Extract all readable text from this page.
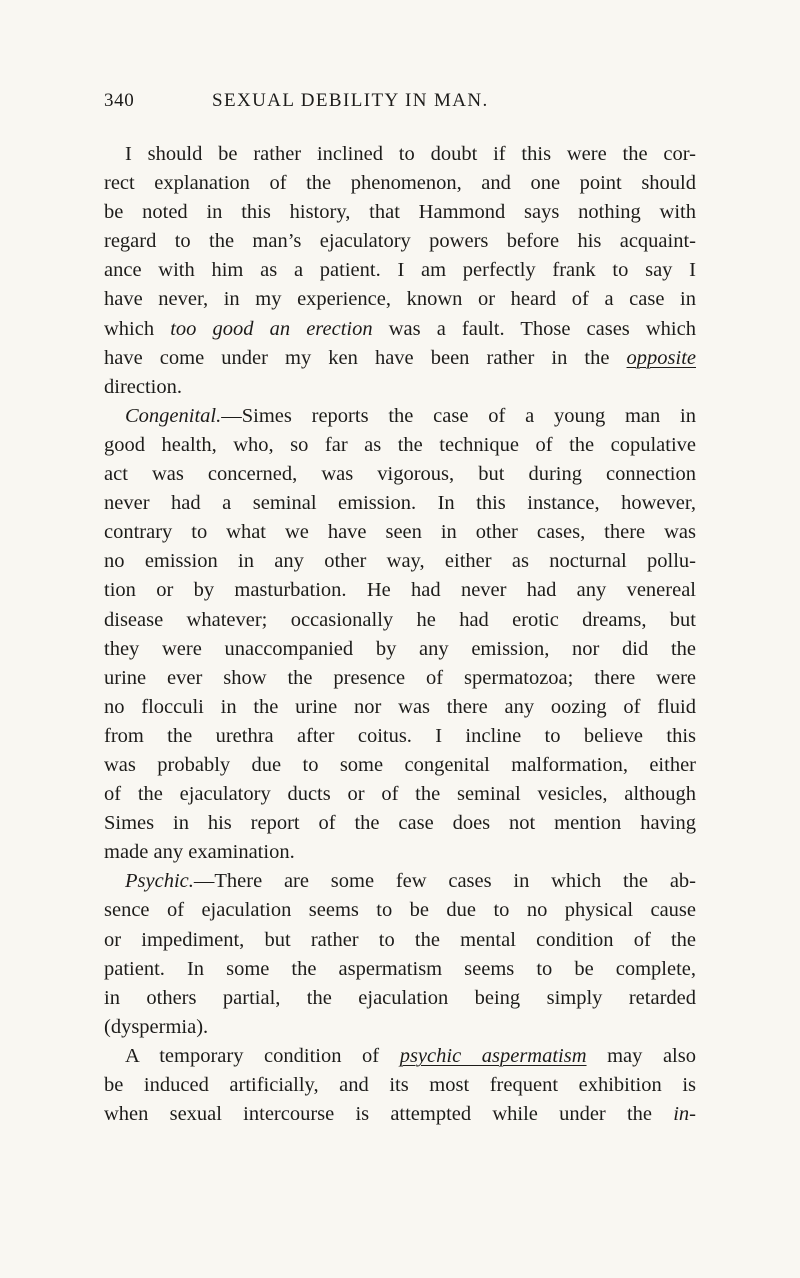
340	SEXUAL DEBILITY IN MAN.
I should be rather inclined to doubt if this were the cor-
rect explanation of the phenomenon, and one point should
be noted in this history, that Hammond says nothing with
regard to the man’s ejaculatory powers before his acquaint-
ance with him as a patient. I am perfectly frank to say I
have never, in my experience, known or heard of a case in
which too good an erection was a fault. Those cases which
have come under my ken have been rather in the opposite
direction.
Congenital.—Simes reports the case of a young man in
good health, who, so far as the technique of the copulative
act was concerned, was vigorous, but during connection
never had a seminal emission. In this instance, however,
contrary to what we have seen in other cases, there was
no emission in any other way, either as nocturnal pollu-
tion or by masturbation. He had never had any venereal
disease whatever; occasionally he had erotic dreams, but
they were unaccompanied by any emission, nor did the
urine ever show the presence of spermatozoa; there were
no flocculi in the urine nor was there any oozing of fluid
from the urethra after coitus. I incline to believe this
was probably due to some congenital malformation, either
of the ejaculatory ducts or of the seminal vesicles, although
Simes in his report of the case does not mention having
made any examination.
Psychic.—There are some few cases in which the ab-
sence of ejaculation seems to be due to no physical cause
or impediment, but rather to the mental condition of the
patient. In some the aspermatism seems to be complete,
in others partial, the ejaculation being simply retarded
(dyspermia).
A temporary condition of psychic aspermatism may also
be induced artificially, and its most frequent exhibition is
when sexual intercourse is attempted while under the in-
